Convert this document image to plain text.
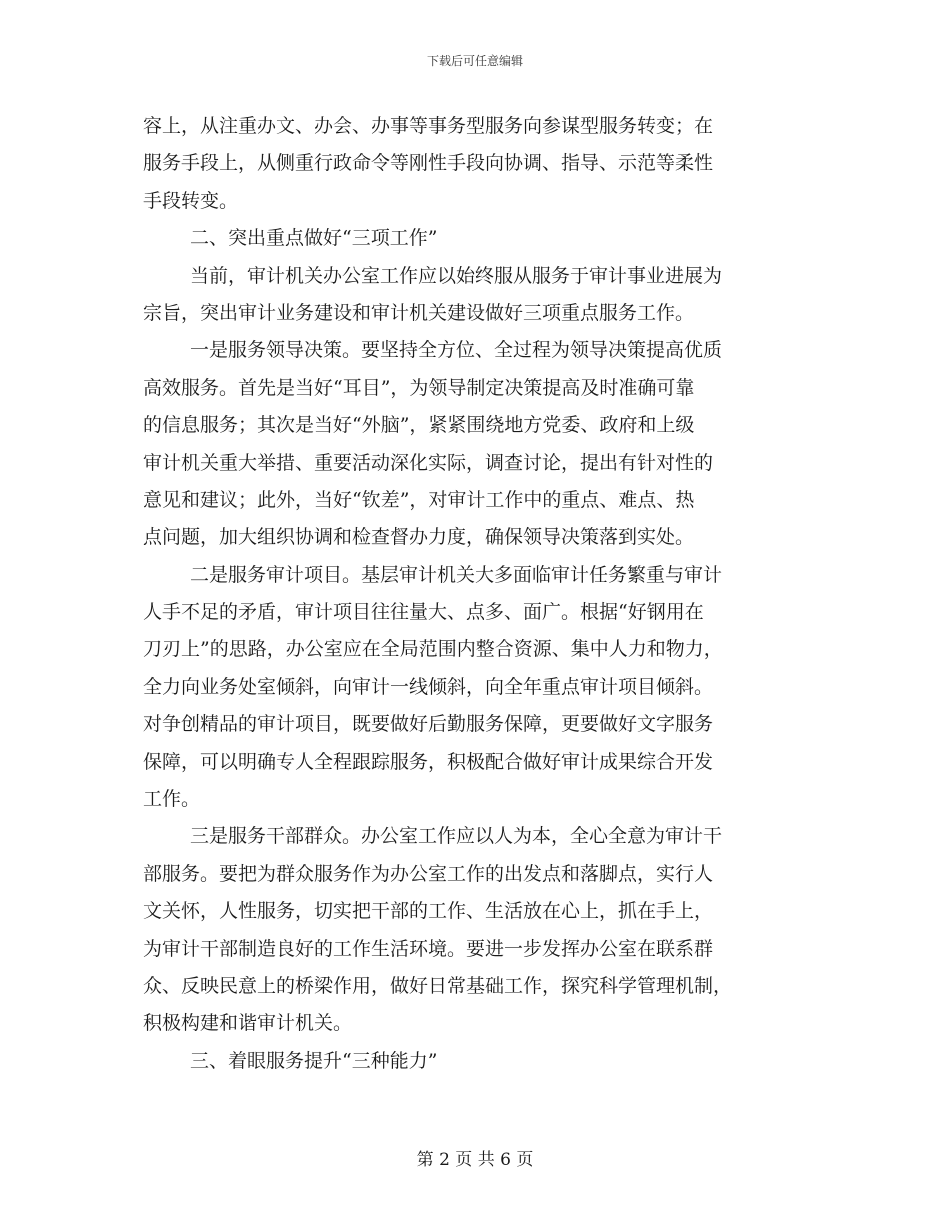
下载后可任意编辑
容上，从注重办文、办会、办事等事务型服务向参谋型服务转变；在
服务手段上，从侧重行政命令等刚性手段向协调、指导、示范等柔性
手段转变。
二、突出重点做好“三项工作”
当前，审计机关办公室工作应以始终服从服务于审计事业进展为
宗旨，突出审计业务建设和审计机关建设做好三项重点服务工作。
一是服务领导决策。要坚持全方位、全过程为领导决策提高优质
高效服务。首先是当好“耳目”，为领导制定决策提高及时准确可靠
的信息服务；其次是当好“外脑”，紧紧围绕地方党委、政府和上级
审计机关重大举措、重要活动深化实际，调查讨论，提出有针对性的
意见和建议；此外，当好“钦差”，对审计工作中的重点、难点、热
点问题，加大组织协调和检查督办力度，确保领导决策落到实处。
二是服务审计项目。基层审计机关大多面临审计任务繁重与审计
人手不足的矛盾，审计项目往往量大、点多、面广。根据“好钢用在
刀刃上”的思路，办公室应在全局范围内整合资源、集中人力和物力，
全力向业务处室倾斜，向审计一线倾斜，向全年重点审计项目倾斜。
对争创精品的审计项目，既要做好后勤服务保障，更要做好文字服务
保障，可以明确专人全程跟踪服务，积极配合做好审计成果综合开发
工作。
三是服务干部群众。办公室工作应以人为本，全心全意为审计干
部服务。要把为群众服务作为办公室工作的出发点和落脚点，实行人
文关怀，人性服务，切实把干部的工作、生活放在心上，抓在手上，
为审计干部制造良好的工作生活环境。要进一步发挥办公室在联系群
众、反映民意上的桥梁作用，做好日常基础工作，探究科学管理机制，
积极构建和谐审计机关。
三、着眼服务提升“三种能力”
第 2 页 共 6 页
